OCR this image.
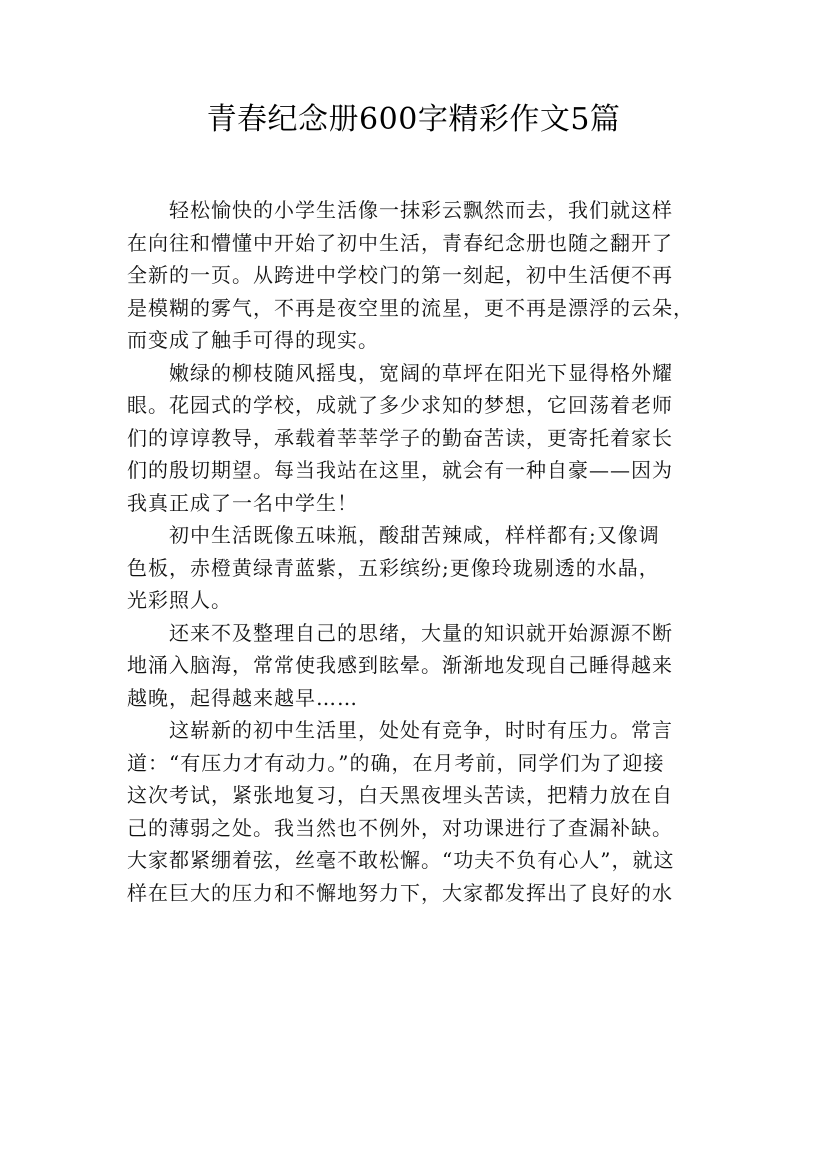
青春纪念册600字精彩作文5篇
轻松愉快的小学生活像一抹彩云飘然而去，我们就这样
在向往和懵懂中开始了初中生活，青春纪念册也随之翻开了
全新的一页。从跨进中学校门的第一刻起，初中生活便不再
是模糊的雾气，不再是夜空里的流星，更不再是漂浮的云朵，
而变成了触手可得的现实。
嫩绿的柳枝随风摇曳，宽阔的草坪在阳光下显得格外耀
眼。花园式的学校，成就了多少求知的梦想，它回荡着老师
们的谆谆教导，承载着莘莘学子的勤奋苦读，更寄托着家长
们的殷切期望。每当我站在这里，就会有一种自豪——因为
我真正成了一名中学生！
初中生活既像五味瓶，酸甜苦辣咸，样样都有;又像调
色板，赤橙黄绿青蓝紫，五彩缤纷;更像玲珑剔透的水晶，
光彩照人。
还来不及整理自己的思绪，大量的知识就开始源源不断
地涌入脑海，常常使我感到眩晕。渐渐地发现自己睡得越来
越晚，起得越来越早……
这崭新的初中生活里，处处有竞争，时时有压力。常言
道：“有压力才有动力。”的确，在月考前，同学们为了迎接
这次考试，紧张地复习，白天黑夜埋头苦读，把精力放在自
己的薄弱之处。我当然也不例外，对功课进行了查漏补缺。
大家都紧绷着弦，丝毫不敢松懈。“功夫不负有心人”，就这
样在巨大的压力和不懈地努力下，大家都发挥出了良好的水
